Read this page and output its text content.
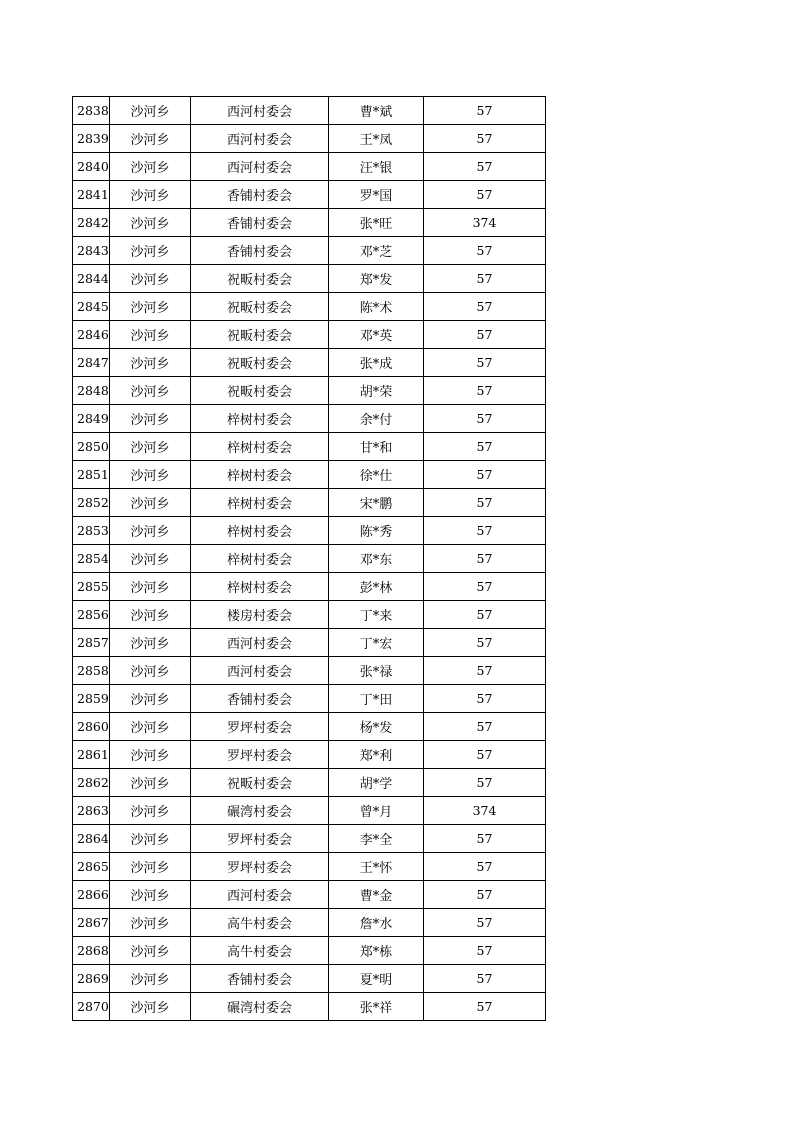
2838	沙河乡	西河村委会	曹*斌	57
2839	沙河乡	西河村委会	王*凤	57
2840	沙河乡	西河村委会	汪*银	57
2841	沙河乡	香铺村委会	罗*国	57
2842	沙河乡	香铺村委会	张*旺	374
2843	沙河乡	香铺村委会	邓*芝	57
2844	沙河乡	祝畈村委会	郑*发	57
2845	沙河乡	祝畈村委会	陈*术	57
2846	沙河乡	祝畈村委会	邓*英	57
2847	沙河乡	祝畈村委会	张*成	57
2848	沙河乡	祝畈村委会	胡*荣	57
2849	沙河乡	梓树村委会	余*付	57
2850	沙河乡	梓树村委会	甘*和	57
2851	沙河乡	梓树村委会	徐*仕	57
2852	沙河乡	梓树村委会	宋*鹏	57
2853	沙河乡	梓树村委会	陈*秀	57
2854	沙河乡	梓树村委会	邓*东	57
2855	沙河乡	梓树村委会	彭*林	57
2856	沙河乡	楼房村委会	丁*来	57
2857	沙河乡	西河村委会	丁*宏	57
2858	沙河乡	西河村委会	张*禄	57
2859	沙河乡	香铺村委会	丁*田	57
2860	沙河乡	罗坪村委会	杨*发	57
2861	沙河乡	罗坪村委会	郑*利	57
2862	沙河乡	祝畈村委会	胡*学	57
2863	沙河乡	碾湾村委会	曾*月	374
2864	沙河乡	罗坪村委会	李*全	57
2865	沙河乡	罗坪村委会	王*怀	57
2866	沙河乡	西河村委会	曹*金	57
2867	沙河乡	高牛村委会	詹*水	57
2868	沙河乡	高牛村委会	郑*栋	57
2869	沙河乡	香铺村委会	夏*明	57
2870	沙河乡	碾湾村委会	张*祥	57
